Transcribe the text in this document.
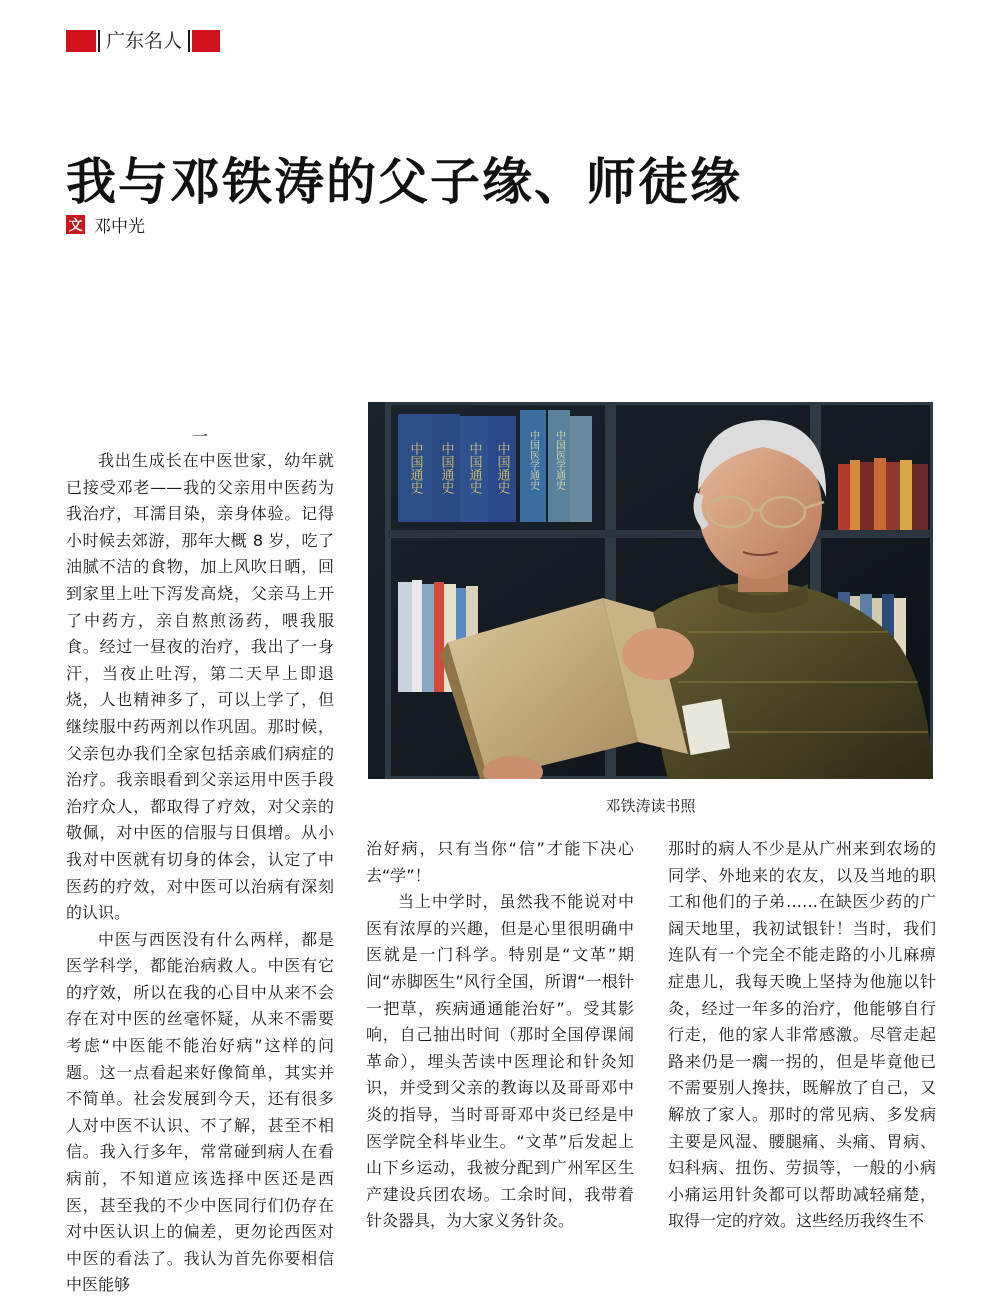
广东名人
我与邓铁涛的父子缘、师徒缘
文 邓中光
一
中国通史 中国通史 中国通史 中国通史 中国医学通史 中国医学通史
邓铁涛读书照

我出生成长在中医世家，幼年就已接受邓老——我的父亲用中医药为我治疗，耳濡目染，亲身体验。记得小时候去郊游，那年大概 8 岁，吃了油腻不洁的食物，加上风吹日晒，回到家里上吐下泻发高烧，父亲马上开了中药方，亲自熬煎汤药，喂我服食。经过一昼夜的治疗，我出了一身汗，当夜止吐泻，第二天早上即退烧，人也精神多了，可以上学了，但继续服中药两剂以作巩固。那时候，父亲包办我们全家包括亲戚们病症的治疗。我亲眼看到父亲运用中医手段治疗众人，都取得了疗效，对父亲的敬佩，对中医的信服与日俱增。从小我对中医就有切身的体会，认定了中医药的疗效，对中医可以治病有深刻的认识。

中医与西医没有什么两样，都是医学科学，都能治病救人。中医有它的疗效，所以在我的心目中从来不会存在对中医的丝毫怀疑，从来不需要考虑“中医能不能治好病”这样的问题。这一点看起来好像简单，其实并不简单。社会发展到今天，还有很多人对中医不认识、不了解，甚至不相信。我入行多年，常常碰到病人在看病前，不知道应该选择中医还是西医，甚至我的不少中医同行们仍存在对中医认识上的偏差，更勿论西医对中医的看法了。我认为首先你要相信中医能够

治好病，只有当你“信”才能下决心去“学”！

当上中学时，虽然我不能说对中医有浓厚的兴趣，但是心里很明确中医就是一门科学。特别是“文革”期间“赤脚医生”风行全国，所谓“一根针一把草，疾病通通能治好”。受其影响，自己抽出时间（那时全国停课闹革命），埋头苦读中医理论和针灸知识，并受到父亲的教诲以及哥哥邓中炎的指导，当时哥哥邓中炎已经是中医学院全科毕业生。“文革”后发起上山下乡运动，我被分配到广州军区生产建设兵团农场。工余时间，我带着针灸器具，为大家义务针灸。

那时的病人不少是从广州来到农场的同学、外地来的农友，以及当地的职工和他们的子弟……在缺医少药的广阔天地里，我初试银针！当时，我们连队有一个完全不能走路的小儿麻痹症患儿，我每天晚上坚持为他施以针灸，经过一年多的治疗，他能够自行行走，他的家人非常感激。尽管走起路来仍是一瘸一拐的，但是毕竟他已不需要别人搀扶，既解放了自己，又解放了家人。那时的常见病、多发病主要是风湿、腰腿痛、头痛、胃病、妇科病、扭伤、劳损等，一般的小病小痛运用针灸都可以帮助减轻痛楚，取得一定的疗效。这些经历我终生不
